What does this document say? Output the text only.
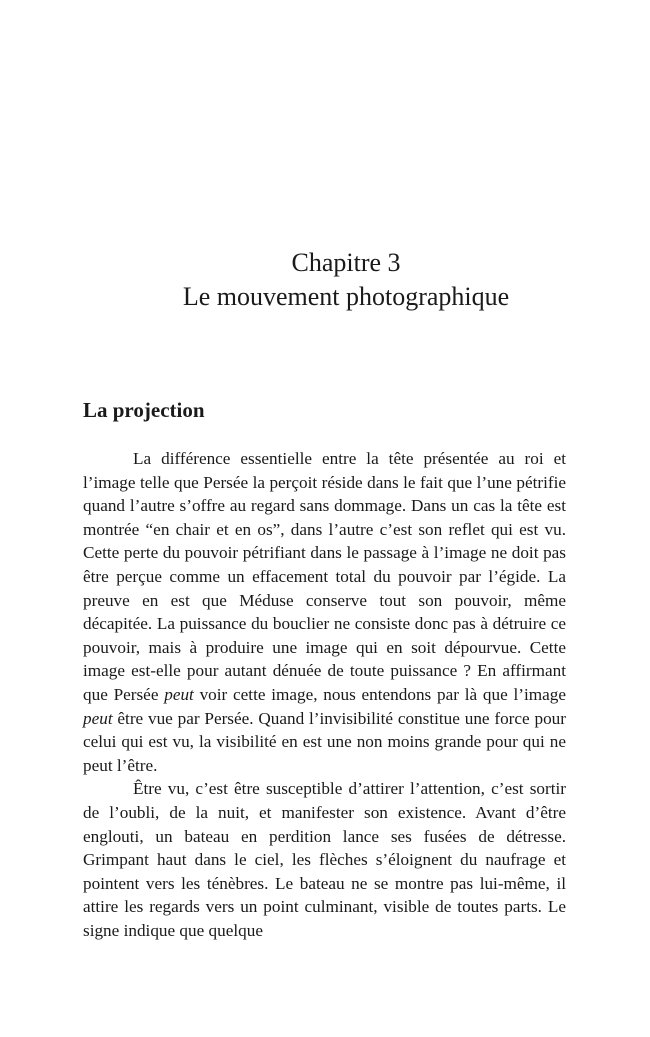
Chapitre 3
Le mouvement photographique
La projection

La différence essentielle entre la tête présentée au roi et l’image telle que Persée la perçoit réside dans le fait que l’une pétrifie quand l’autre s’offre au regard sans dommage. Dans un cas la tête est montrée “en chair et en os”, dans l’autre c’est son reflet qui est vu. Cette perte du pouvoir pétrifiant dans le passage à l’image ne doit pas être perçue comme un effacement total du pouvoir par l’égide. La preuve en est que Méduse conserve tout son pouvoir, même décapitée. La puissance du bouclier ne consiste donc pas à détruire ce pouvoir, mais à produire une image qui en soit dépourvue. Cette image est-elle pour autant dénuée de toute puissance ? En affirmant que Persée peut voir cette image, nous entendons par là que l’image peut être vue par Persée. Quand l’invisibilité constitue une force pour celui qui est vu, la visibilité en est une non moins grande pour qui ne peut l’être.

Être vu, c’est être susceptible d’attirer l’attention, c’est sortir de l’oubli, de la nuit, et manifester son existence. Avant d’être englouti, un bateau en perdition lance ses fusées de détresse. Grimpant haut dans le ciel, les flèches s’éloignent du naufrage et pointent vers les ténèbres. Le bateau ne se montre pas lui-même, il attire les regards vers un point culminant, visible de toutes parts. Le signe indique que quelque
